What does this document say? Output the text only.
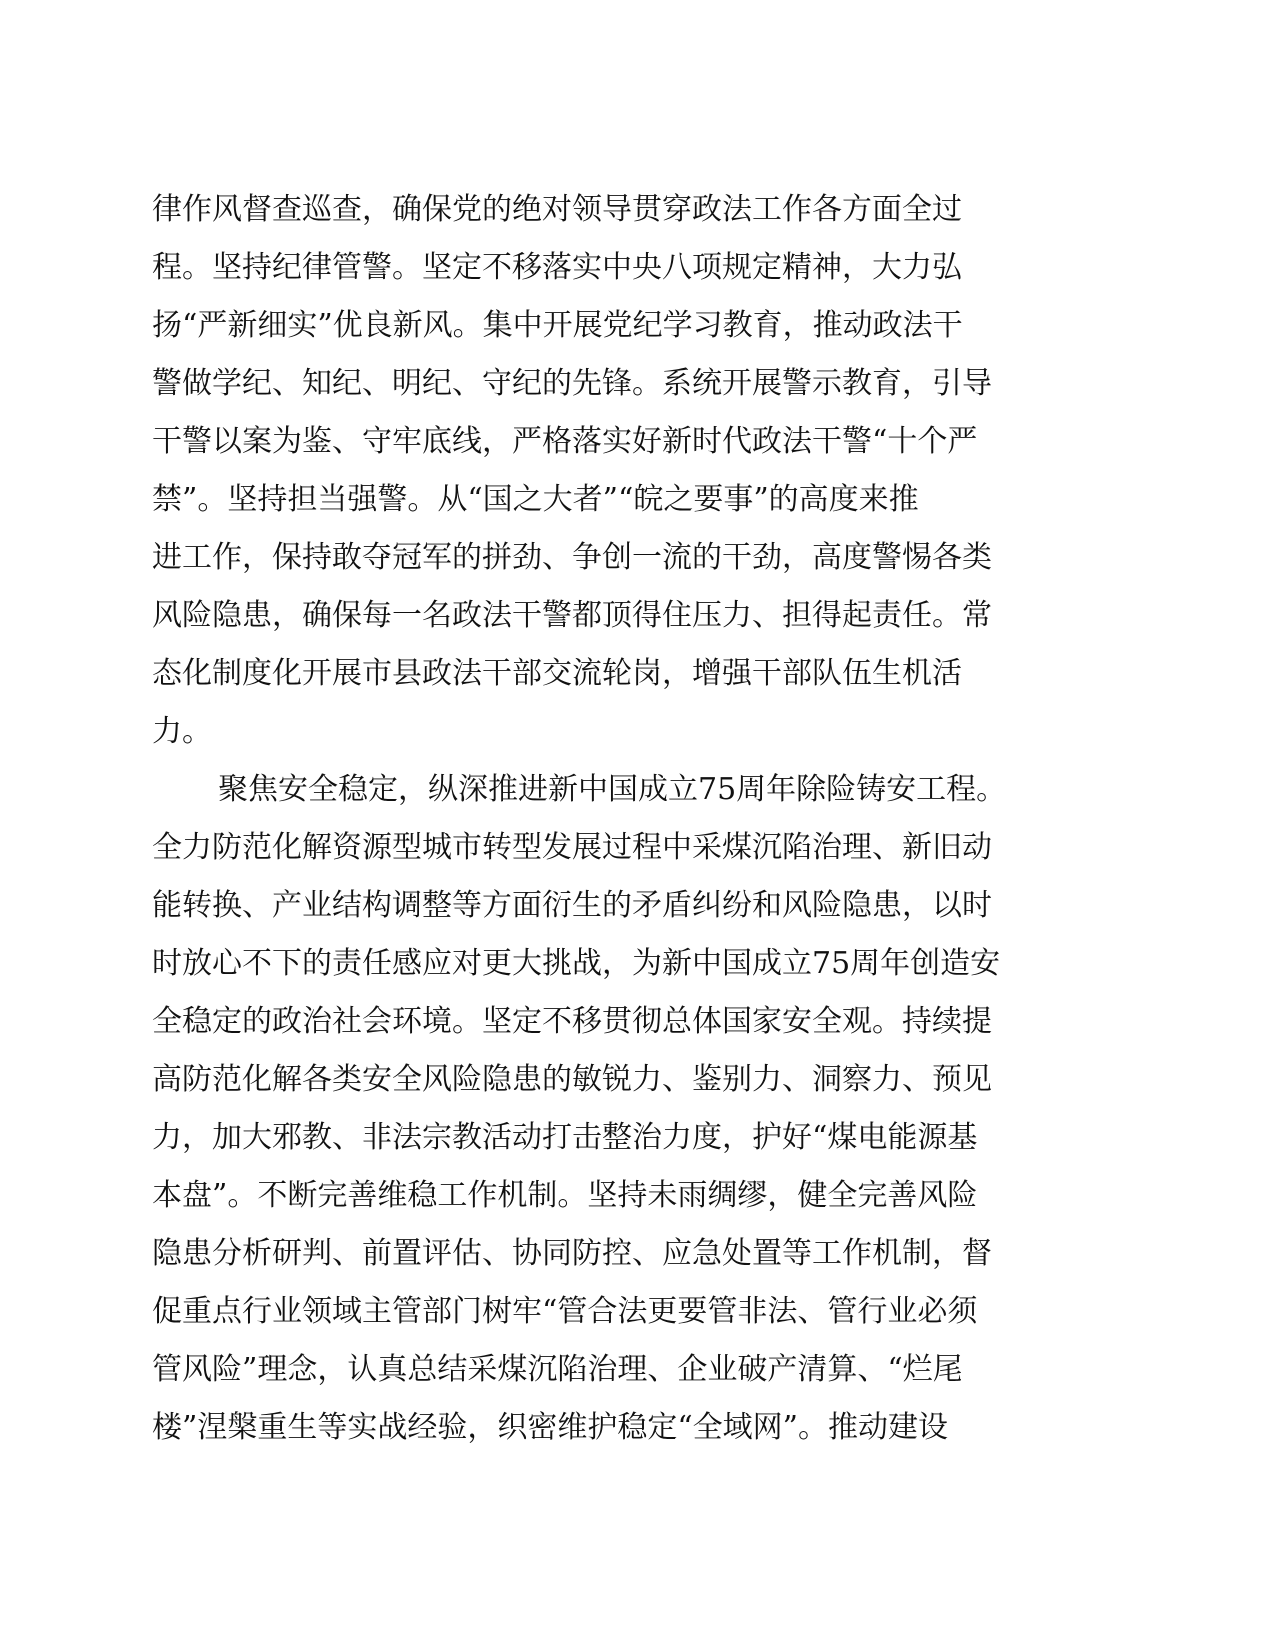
律作风督查巡查，确保党的绝对领导贯穿政法工作各方面全过
程。坚持纪律管警。坚定不移落实中央八项规定精神，大力弘
扬“严新细实”优良新风。集中开展党纪学习教育，推动政法干
警做学纪、知纪、明纪、守纪的先锋。系统开展警示教育，引导
干警以案为鉴、守牢底线，严格落实好新时代政法干警“十个严
禁”。坚持担当强警。从“国之大者”“皖之要事”的高度来推
进工作，保持敢夺冠军的拼劲、争创一流的干劲，高度警惕各类
风险隐患，确保每一名政法干警都顶得住压力、担得起责任。常
态化制度化开展市县政法干部交流轮岗，增强干部队伍生机活
力。
聚焦安全稳定，纵深推进新中国成立75周年除险铸安工程。
全力防范化解资源型城市转型发展过程中采煤沉陷治理、新旧动
能转换、产业结构调整等方面衍生的矛盾纠纷和风险隐患，以时
时放心不下的责任感应对更大挑战，为新中国成立75周年创造安
全稳定的政治社会环境。坚定不移贯彻总体国家安全观。持续提
高防范化解各类安全风险隐患的敏锐力、鉴别力、洞察力、预见
力，加大邪教、非法宗教活动打击整治力度，护好“煤电能源基
本盘”。不断完善维稳工作机制。坚持未雨绸缪，健全完善风险
隐患分析研判、前置评估、协同防控、应急处置等工作机制，督
促重点行业领域主管部门树牢“管合法更要管非法、管行业必须
管风险”理念，认真总结采煤沉陷治理、企业破产清算、“烂尾
楼”涅槃重生等实战经验，织密维护稳定“全域网”。推动建设
